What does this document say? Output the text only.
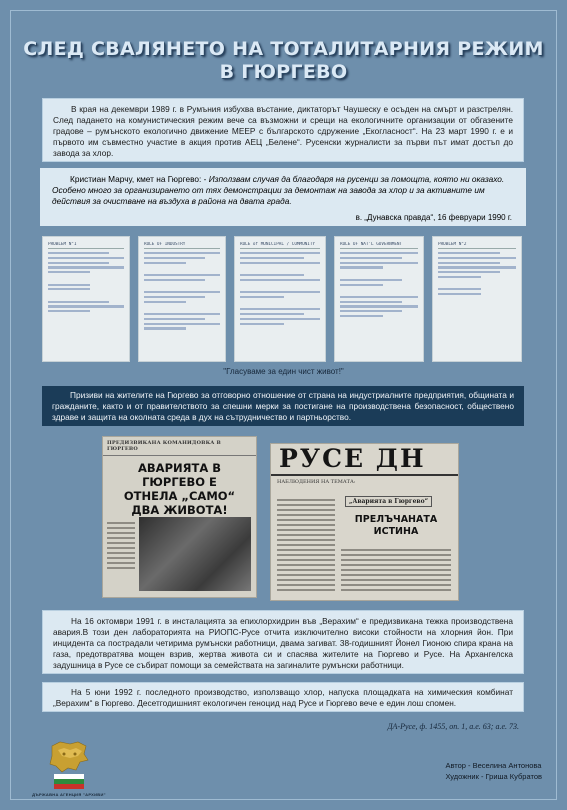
СЛЕД СВАЛЯНЕТО НА ТОТАЛИТАРНИЯ РЕЖИМ
В ГЮРГЕВО

В края на декември 1989 г. в Румъния избухва въстание, диктаторът Чаушеску е осъден на смърт и разстрелян. След падането на комунистическия режим вече са възможни и срещи на екологичните организации от обгазените градове – румънското екологично движение МЕЕР с българското сдружение „Екогласност“. На 23 март 1990 г. е и първото им съвместно участие в акция против АЕЦ „Белене“. Русенски журналисти за първи път имат достъп до завода за хлор.

Кристиан Марчу, кмет на Гюргево: - Използвам случая да благодаря на русенци за помощта, която ни оказахо. Особено много за организирането от тях демонстрации за демонтаж на завода за хлор и за активните им действия за очистване на въздуха в района на двата града.

в. „Дунавска правда“, 16 февруари 1990 г.
PROBLEM N°1	ROLE OF INDUSTRY	ROLE of MUNICIPAL / COMMUNITY	ROLE OF NAT'L GOVERNMENT	PROBLEM N°2
"Гласуваме за един чист живот!"

Призиви на жителите на Гюргево за отговорно отношение от страна на индустриалните предприятия, общината и гражданите, както и от правителството за спешни мерки за постигане на производствена безопасност, обществено здраве и защита на околната среда в дух на сътрудничество и партньорство.

ПРЕДИЗВИКАНА КОМАНИДОВКА В ГЮРГЕВО
АВАРИЯТА В ГЮРГЕВО Е
ОТНЕЛА „САМО“
ДВА ЖИВОТА!
РУСЕ ДН
НАБЛЮДЕНИЯ НА ТЕМАТА:
„Аварията в Гюргево“
ПРЕЛЪЧАНАТА
ИСТИНА

На 16 октомври 1991 г. в инсталацията за епихлорхидрин във „Верахим“ е предизвикана тежка производствена авария.В този ден лабораторията на РИОПС-Русе отчита изключително високи стойности на хлорния йон. При инцидента са пострадали четирима румънски работници, двама загиват. 38-годишният Йонел Гионою спира крана на газа, предотвратява мощен взрив, жертва живота си и спасява жителите на Гюргево и Русе. На Архангелска задушница в Русе се събират помощи за семействата на загиналите румънски работници.

На 5 юни 1992 г. последното производство, използващо хлор, напуска площадката на химическия комбинат „Верахим“ в Гюргево. Десетгодишният екологичен геноцид над Русе и Гюргево вече е един лош спомен.

ДА-Русе, ф. 1455, оп. 1, а.е. 63; а.е. 73.
Автор - Веселина Антонова
Художник - Гриша Кубратов
ДЪРЖАВНА АГЕНЦИЯ "АРХИВИ"
